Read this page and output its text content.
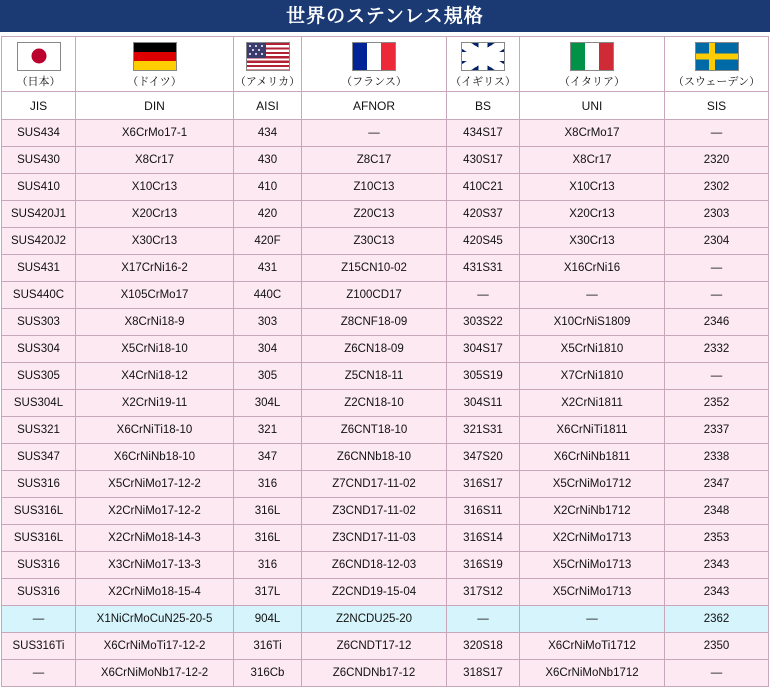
世界のステンレス規格
（日本）	（ドイツ）	（アメリカ）	（フランス）	（イギリス）	（イタリア）	（スウェーデン）

JIS	DIN	AISI	AFNOR	BS	UNI	SIS
SUS434	X6CrMo17-1	434	—	434S17	X8CrMo17	—
SUS430	X8Cr17	430	Z8C17	430S17	X8Cr17	2320
SUS410	X10Cr13	410	Z10C13	410C21	X10Cr13	2302
SUS420J1	X20Cr13	420	Z20C13	420S37	X20Cr13	2303
SUS420J2	X30Cr13	420F	Z30C13	420S45	X30Cr13	2304
SUS431	X17CrNi16-2	431	Z15CN10-02	431S31	X16CrNi16	—
SUS440C	X105CrMo17	440C	Z100CD17	—	—	—
SUS303	X8CrNi18-9	303	Z8CNF18-09	303S22	X10CrNiS1809	2346
SUS304	X5CrNi18-10	304	Z6CN18-09	304S17	X5CrNi1810	2332
SUS305	X4CrNi18-12	305	Z5CN18-11	305S19	X7CrNi1810	—
SUS304L	X2CrNi19-11	304L	Z2CN18-10	304S11	X2CrNi1811	2352
SUS321	X6CrNiTi18-10	321	Z6CNT18-10	321S31	X6CrNiTi1811	2337
SUS347	X6CrNiNb18-10	347	Z6CNNb18-10	347S20	X6CrNiNb1811	2338
SUS316	X5CrNiMo17-12-2	316	Z7CND17-11-02	316S17	X5CrNiMo1712	2347
SUS316L	X2CrNiMo17-12-2	316L	Z3CND17-11-02	316S11	X2CrNiNb1712	2348
SUS316L	X2CrNiMo18-14-3	316L	Z3CND17-11-03	316S14	X2CrNiMo1713	2353
SUS316	X3CrNiMo17-13-3	316	Z6CND18-12-03	316S19	X5CrNiMo1713	2343
SUS316	X2CrNiMo18-15-4	317L	Z2CND19-15-04	317S12	X5CrNiMo1713	2343
—	X1NiCrMoCuN25-20-5	904L	Z2NCDU25-20	—	—	2362
SUS316Ti	X6CrNiMoTi17-12-2	316Ti	Z6CNDT17-12	320S18	X6CrNiMoTi1712	2350
—	X6CrNiMoNb17-12-2	316Cb	Z6CNDNb17-12	318S17	X6CrNiMoNb1712	—
